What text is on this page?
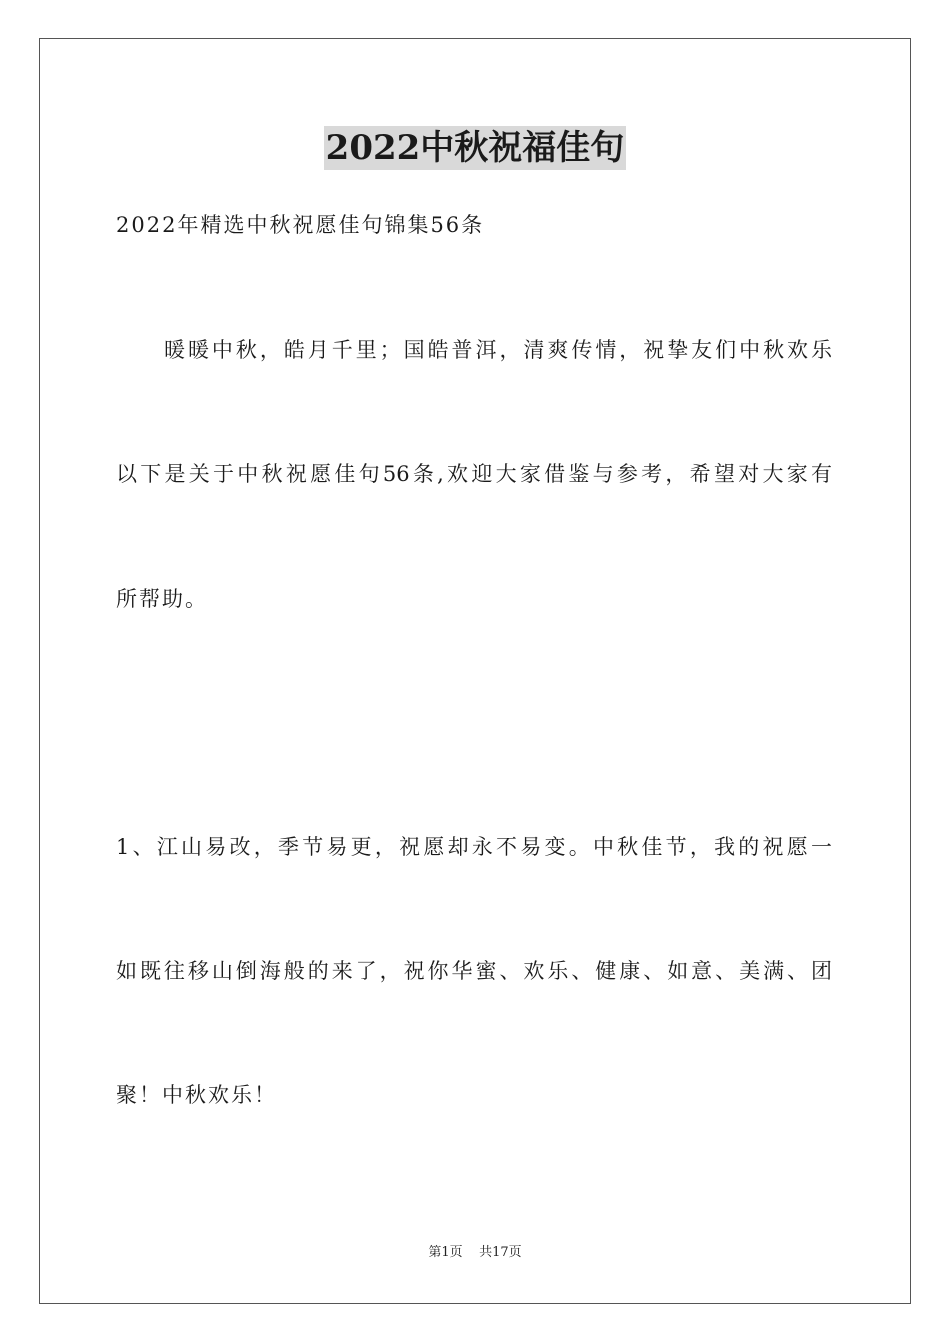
2022中秋祝福佳句
2022年精选中秋祝愿佳句锦集56条
暖暖中秋，皓月千里；国皓普洱，清爽传情，祝挚友们中秋欢乐
以下是关于中秋祝愿佳句56条,欢迎大家借鉴与参考，希望对大家有
所帮助。
1、江山易改，季节易更，祝愿却永不易变。中秋佳节，我的祝愿一
如既往移山倒海般的来了，祝你华蜜、欢乐、健康、如意、美满、团
聚！中秋欢乐！
第1页 共17页
